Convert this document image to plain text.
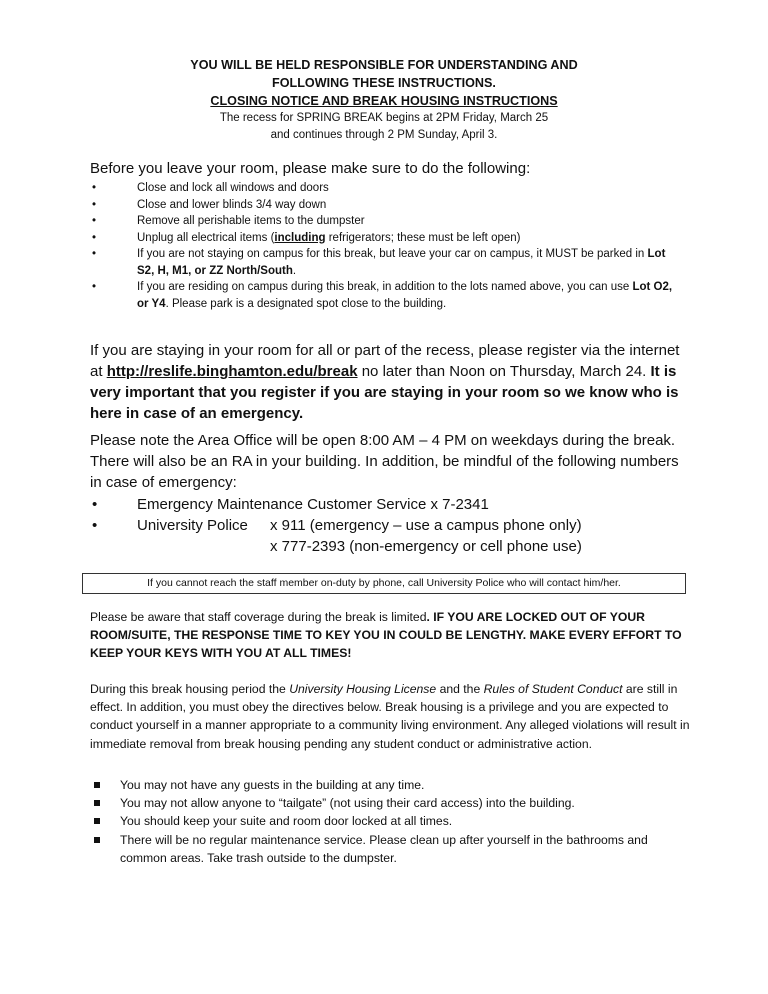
YOU WILL BE HELD RESPONSIBLE FOR UNDERSTANDING AND
FOLLOWING THESE INSTRUCTIONS.
CLOSING NOTICE AND BREAK HOUSING INSTRUCTIONS
The recess for SPRING BREAK begins at 2PM Friday, March 25
and continues through 2 PM Sunday, April 3.
Before you leave your room, please make sure to do the following:
•	Close and lock all windows and doors
•	Close and lower blinds 3/4 way down
•	Remove all perishable items to the dumpster
•	Unplug all electrical items (including refrigerators; these must be left open)
•	If you are not staying on campus for this break, but leave your car on campus, it MUST be parked in Lot S2, H, M1, or ZZ North/South.
•	If you are residing on campus during this break, in addition to the lots named above, you can use Lot O2, or Y4. Please park is a designated spot close to the building.
If you are staying in your room for all or part of the recess, please register via the internet at http://reslife.binghamton.edu/break no later than Noon on Thursday, March 24. It is very important that you register if you are staying in your room so we know who is here in case of an emergency.
Please note the Area Office will be open 8:00 AM – 4 PM on weekdays during the break. There will also be an RA in your building. In addition, be mindful of the following numbers in case of emergency:
•	Emergency Maintenance Customer Service x 7-2341
•	University Police x 911 (emergency – use a campus phone only)
x 777-2393 (non-emergency or cell phone use)
If you cannot reach the staff member on-duty by phone, call University Police who will contact him/her.
Please be aware that staff coverage during the break is limited. IF YOU ARE LOCKED OUT OF YOUR ROOM/SUITE, THE RESPONSE TIME TO KEY YOU IN COULD BE LENGTHY. MAKE EVERY EFFORT TO KEEP YOUR KEYS WITH YOU AT ALL TIMES!
During this break housing period the University Housing License and the Rules of Student Conduct are still in effect. In addition, you must obey the directives below. Break housing is a privilege and you are expected to conduct yourself in a manner appropriate to a community living environment. Any alleged violations will result in immediate removal from break housing pending any student conduct or administrative action.
You may not have any guests in the building at any time.
You may not allow anyone to “tailgate” (not using their card access) into the building.
You should keep your suite and room door locked at all times.
There will be no regular maintenance service. Please clean up after yourself in the bathrooms and common areas. Take trash outside to the dumpster.
